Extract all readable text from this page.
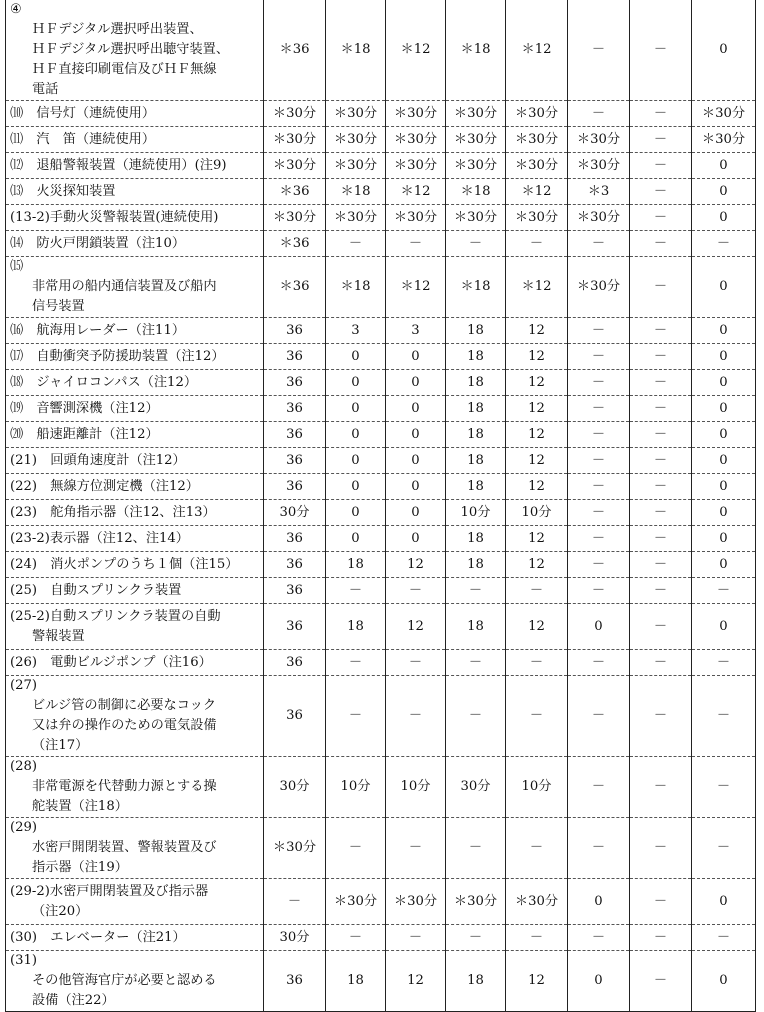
④
ＨＦデジタル選択呼出装置、
ＨＦデジタル選択呼出聴守装置、
ＨＦ直接印刷電信及びＨＦ無線
電話	＊36	＊18	＊12	＊18	＊12	－	－	0
⑽　信号灯（連続使用）	＊30分	＊30分	＊30分	＊30分	＊30分	－	－	＊30分
⑾　汽　笛（連続使用）	＊30分	＊30分	＊30分	＊30分	＊30分	＊30分	－	＊30分
⑿　退船警報装置（連続使用）(注9)	＊30分	＊30分	＊30分	＊30分	＊30分	＊30分	－	0
⒀　火災探知装置	＊36	＊18	＊12	＊18	＊12	＊3	－	0
(13-2)手動火災警報装置(連続使用)	＊30分	＊30分	＊30分	＊30分	＊30分	＊30分	－	0
⒁　防火戸閉鎖装置（注10）	＊36	－	－	－	－	－	－	－

⒂
非常用の船内通信装置及び船内
信号装置	＊36	＊18	＊12	＊18	＊12	＊30分	－	0
⒃　航海用レーダー（注11）	36	3	3	18	12	－	－	0
⒄　自動衝突予防援助装置（注12）	36	0	0	18	12	－	－	0
⒅　ジャイロコンパス（注12）	36	0	0	18	12	－	－	0
⒆　音響測深機（注12）	36	0	0	18	12	－	－	0
⒇　船速距離計（注12）	36	0	0	18	12	－	－	0
(21)　回頭角速度計（注12）	36	0	0	18	12	－	－	0
(22)　無線方位測定機（注12）	36	0	0	18	12	－	－	0
(23)　舵角指示器（注12、注13）	30分	0	0	10分	10分	－	－	0
(23-2)表示器（注12、注14）	36	0	0	18	12	－	－	0
(24)　消火ポンプのうち１個（注15）	36	18	12	18	12	－	－	0
(25)　自動スプリンクラ装置	36	－	－	－	－	－	－	－

(25-2)自動スプリンクラ装置の自動
警報装置	36	18	12	18	12	0	－	0
(26)　電動ビルジポンプ（注16）	36	－	－	－	－	－	－	－

(27)
ビルジ管の制御に必要なコック
又は弁の操作のための電気設備
（注17）	36	－	－	－	－	－	－	－

(28)
非常電源を代替動力源とする操
舵装置（注18）	30分	10分	10分	30分	10分	－	－	－

(29)
水密戸開閉装置、警報装置及び
指示器（注19）	＊30分	－	－	－	－	－	－	－

(29-2)水密戸開閉装置及び指示器
（注20）	－	＊30分	＊30分	＊30分	＊30分	0	－	0
(30)　エレベーター（注21）	30分	－	－	－	－	－	－	－

(31)
その他管海官庁が必要と認める
設備（注22）	36	18	12	18	12	0	－	0
